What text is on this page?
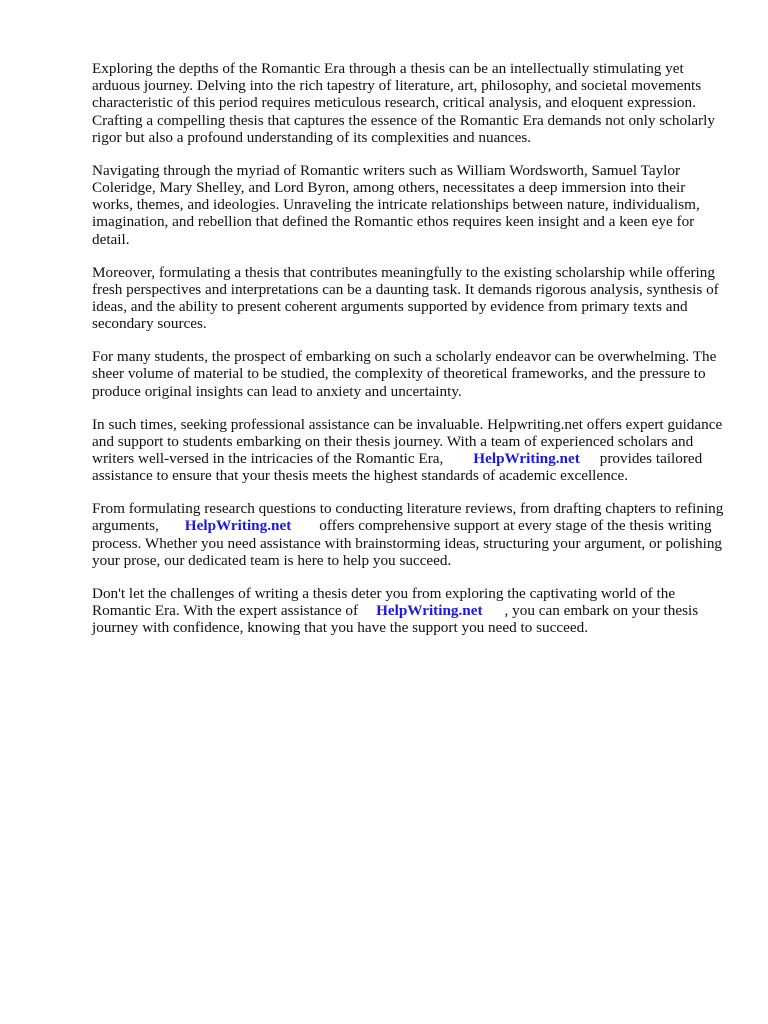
Exploring the depths of the Romantic Era through a thesis can be an intellectually stimulating yet arduous journey. Delving into the rich tapestry of literature, art, philosophy, and societal movements characteristic of this period requires meticulous research, critical analysis, and eloquent expression. Crafting a compelling thesis that captures the essence of the Romantic Era demands not only scholarly rigor but also a profound understanding of its complexities and nuances.

Navigating through the myriad of Romantic writers such as William Wordsworth, Samuel Taylor Coleridge, Mary Shelley, and Lord Byron, among others, necessitates a deep immersion into their works, themes, and ideologies. Unraveling the intricate relationships between nature, individualism, imagination, and rebellion that defined the Romantic ethos requires keen insight and a keen eye for detail.

Moreover, formulating a thesis that contributes meaningfully to the existing scholarship while offering fresh perspectives and interpretations can be a daunting task. It demands rigorous analysis, synthesis of ideas, and the ability to present coherent arguments supported by evidence from primary texts and secondary sources.

For many students, the prospect of embarking on such a scholarly endeavor can be overwhelming. The sheer volume of material to be studied, the complexity of theoretical frameworks, and the pressure to produce original insights can lead to anxiety and uncertainty.

In such times, seeking professional assistance can be invaluable. Helpwriting.net offers expert guidance and support to students embarking on their thesis journey. With a team of experienced scholars and writers well-versed in the intricacies of the Romantic Era, HelpWriting.net provides tailored assistance to ensure that your thesis meets the highest standards of academic excellence.

From formulating research questions to conducting literature reviews, from drafting chapters to refining arguments, HelpWriting.net offers comprehensive support at every stage of the thesis writing process. Whether you need assistance with brainstorming ideas, structuring your argument, or polishing your prose, our dedicated team is here to help you succeed.

Don't let the challenges of writing a thesis deter you from exploring the captivating world of the Romantic Era. With the expert assistance of HelpWriting.net , you can embark on your thesis journey with confidence, knowing that you have the support you need to succeed.
